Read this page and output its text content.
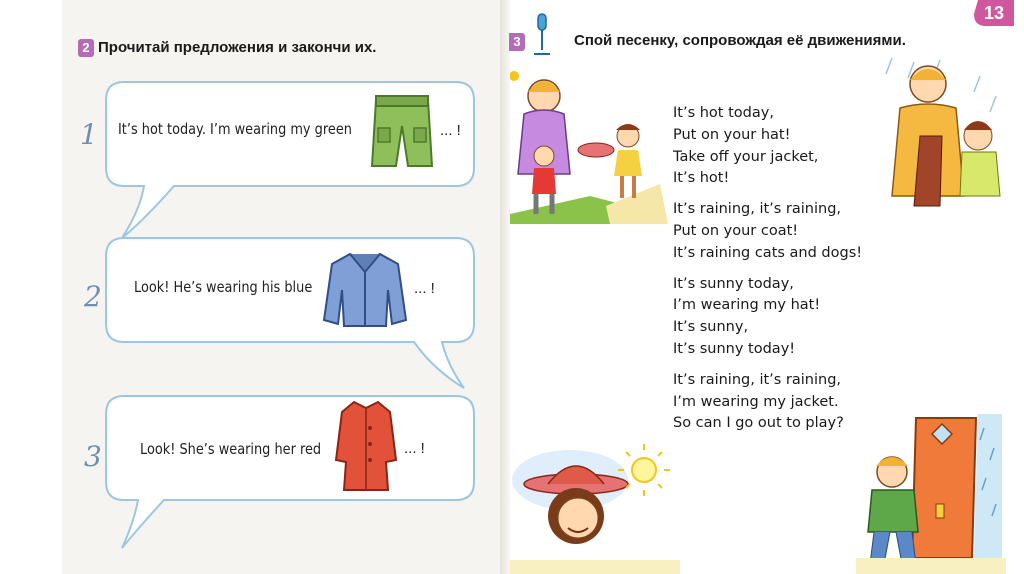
2 Прочитай предложения и закончи их.
1 It’s hot today. I’m wearing my green	... !
2 Look! He’s wearing his blue	... !
3	Look! She’s wearing her red	... !
13
3	Спой песенку, сопровождая её движениями.
It’s hot today,
Put on your hat!
Take off your jacket,
It’s hot!
It’s raining, it’s raining,
Put on your coat!
It’s raining cats and dogs!
It’s sunny today,
I’m wearing my hat!
It’s sunny,
It’s sunny today!
It’s raining, it’s raining,
I’m wearing my jacket.
So can I go out to play?
